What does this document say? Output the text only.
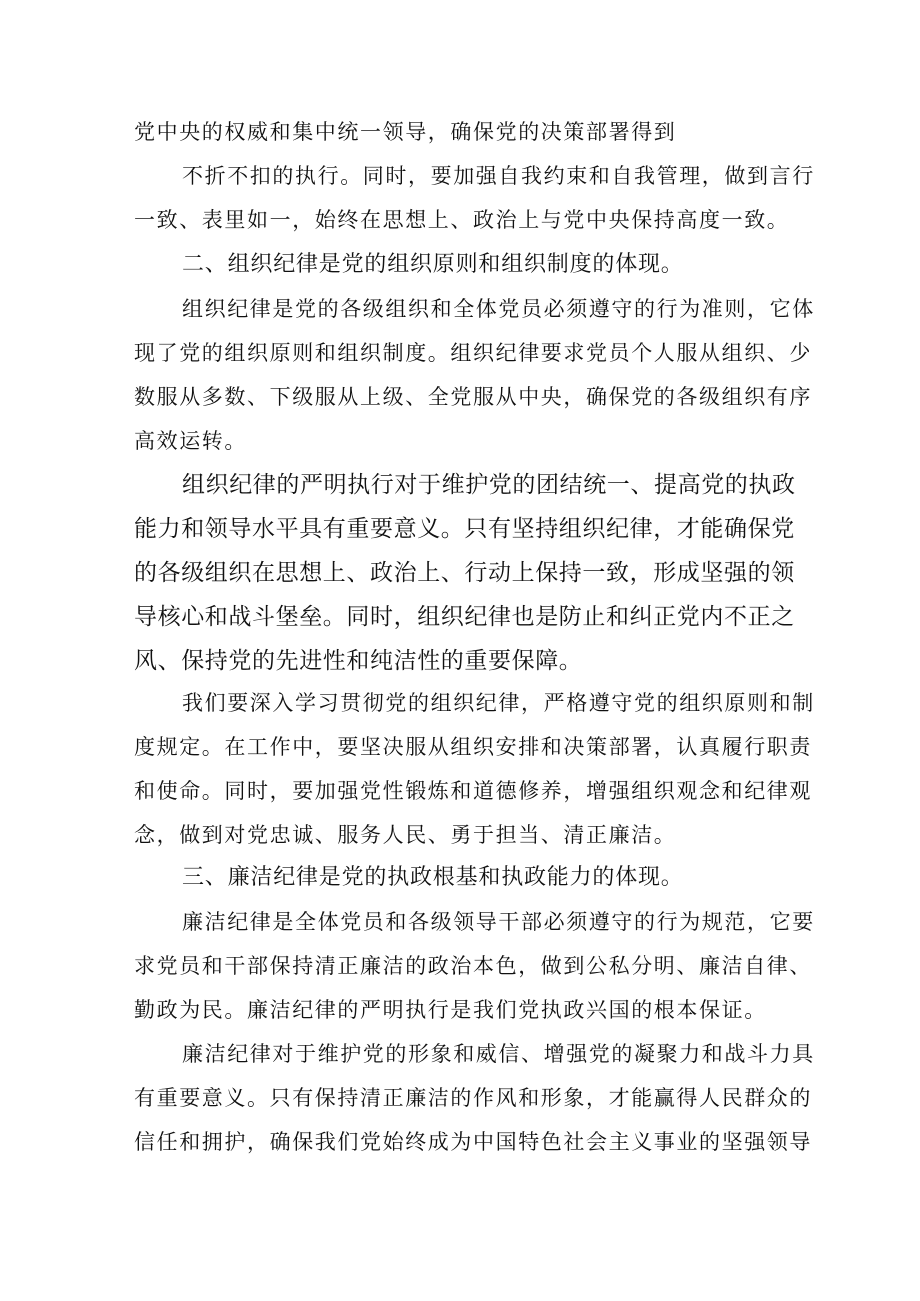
党中央的权威和集中统一领导，确保党的决策部署得到
不折不扣的执行。同时，要加强自我约束和自我管理，做到言行
一致、表里如一，始终在思想上、政治上与党中央保持高度一致。
二、组织纪律是党的组织原则和组织制度的体现。
组织纪律是党的各级组织和全体党员必须遵守的行为准则，它体
现了党的组织原则和组织制度。组织纪律要求党员个人服从组织、少
数服从多数、下级服从上级、全党服从中央，确保党的各级组织有序
高效运转。
组织纪律的严明执行对于维护党的团结统一、提高党的执政
能力和领导水平具有重要意义。只有坚持组织纪律，才能确保党
的各级组织在思想上、政治上、行动上保持一致，形成坚强的领
导核心和战斗堡垒。同时，组织纪律也是防止和纠正党内不正之
风、保持党的先进性和纯洁性的重要保障。
我们要深入学习贯彻党的组织纪律，严格遵守党的组织原则和制
度规定。在工作中，要坚决服从组织安排和决策部署，认真履行职责
和使命。同时，要加强党性锻炼和道德修养，增强组织观念和纪律观
念，做到对党忠诚、服务人民、勇于担当、清正廉洁。
三、廉洁纪律是党的执政根基和执政能力的体现。
廉洁纪律是全体党员和各级领导干部必须遵守的行为规范，它要
求党员和干部保持清正廉洁的政治本色，做到公私分明、廉洁自律、
勤政为民。廉洁纪律的严明执行是我们党执政兴国的根本保证。
廉洁纪律对于维护党的形象和威信、增强党的凝聚力和战斗力具
有重要意义。只有保持清正廉洁的作风和形象，才能赢得人民群众的
信任和拥护，确保我们党始终成为中国特色社会主义事业的坚强领导
